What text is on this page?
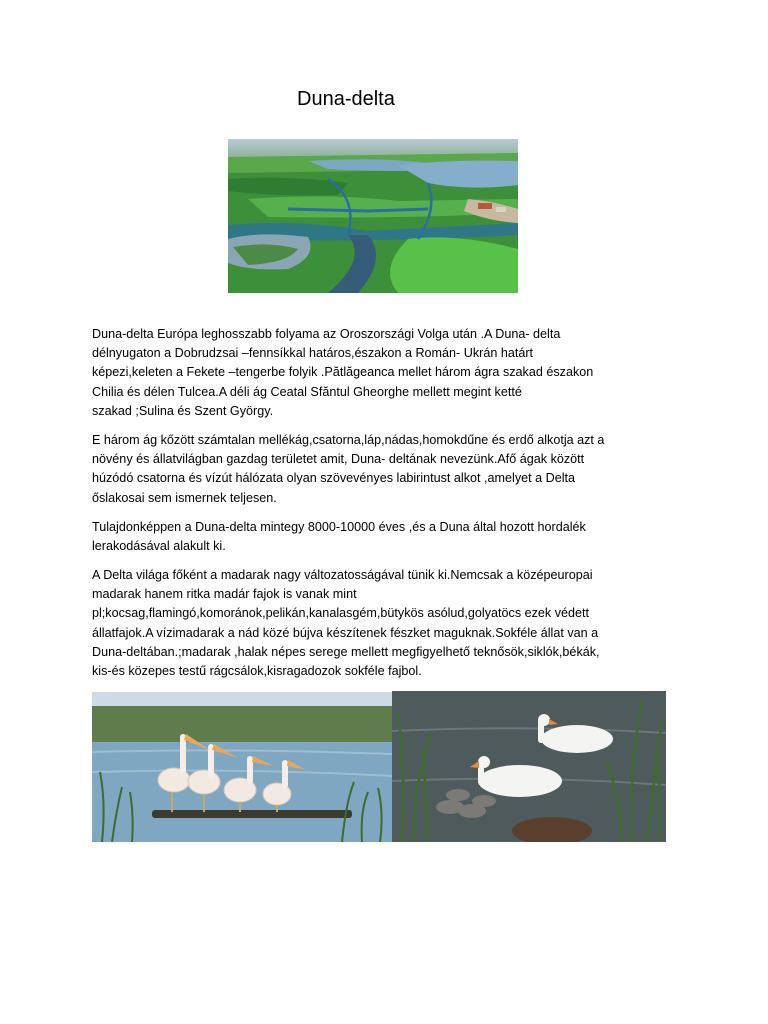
Duna-delta

Duna-delta Európa leghosszabb folyama az Oroszországi Volga után .A Duna- delta
délnyugaton a Dobrudzsai –fennsíkkal határos,északon a Román- Ukrán határt
képezi,keleten a Fekete –tengerbe folyik .Pătlăgeanca mellet három ágra szakad északon
Chilia és délen Tulcea.A déli ág Ceatal Sfăntul Gheorghe mellett megint ketté
szakad ;Sulina és Szent György.

E három ág kőzött számtalan mellékág,csatorna,láp,nádas,homokdűne és erdő alkotja azt a
növény és állatvilágban gazdag területet amit, Duna- deltának nevezünk.Afő ágak között
húzódó csatorna és vízút hálózata olyan szövevényes labirintust alkot ,amelyet a Delta
őslakosai sem ismernek teljesen.

Tulajdonképpen a Duna-delta mintegy 8000-10000 éves ,és a Duna által hozott hordalék
lerakodásával alakult ki.

A Delta világa főként a madarak nagy változatosságával tünik ki.Nemcsak a középeuropai
madarak hanem ritka madár fajok is vanak mint
pl;kocsag,flamingó,komoránok,pelikán,kanalasgém,bütykös asólud,golyatöcs ezek védett
állatfajok.A vízimadarak a nád közé bújva készítenek fészket maguknak.Sokféle állat van a
Duna-deltában.;madarak ,halak népes serege mellett megfigyelhető teknősök,siklók,békák,
kis-és közepes testű rágcsálok,kisragadozok sokféle fajbol.
